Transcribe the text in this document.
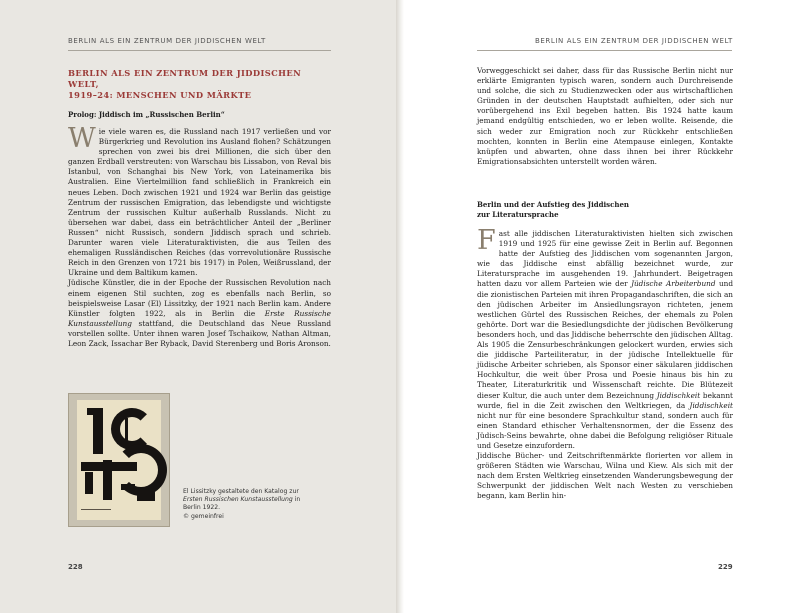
BERLIN ALS EIN ZENTRUM DER JIDDISCHEN WELT
BERLIN ALS EIN ZENTRUM DER JIDDISCHEN WELT,
1919–24: MENSCHEN UND MÄRKTE
Prolog: Jiddisch im „Russischen Berlin“

Wie viele waren es, die Russland nach 1917 verließen und vor Bürgerkrieg und Revolution ins Ausland flohen? Schätzungen sprechen von zwei bis drei Millionen, die sich über den ganzen Erdball verstreuten: von Warschau bis Lissabon, von Reval bis Istanbul, von Schanghai bis New York, von Lateinamerika bis Australien. Eine Viertelmillion fand schließlich in Frankreich ein neues Leben. Doch zwischen 1921 und 1924 war Berlin das geistige Zentrum der russischen Emigration, das lebendigste und wichtigste Zentrum der russischen Kultur außerhalb Russlands. Nicht zu übersehen war dabei, dass ein beträchtlicher Anteil der „Berliner Russen“ nicht Russisch, sondern Jiddisch sprach und schrieb. Darunter waren viele Literaturaktivisten, die aus Teilen des ehemaligen Russländischen Reiches (das vorrevolutionäre Russische Reich in den Grenzen von 1721 bis 1917) in Polen, Weißrussland, der Ukraine und dem Baltikum kamen.

Jüdische Künstler, die in der Epoche der Russischen Revolution nach einem eigenen Stil suchten, zog es ebenfalls nach Berlin, so beispielsweise Lasar (El) Lissitzky, der 1921 nach Berlin kam. Andere Künstler folgten 1922, als in Berlin die Erste Russische Kunstausstellung stattfand, die Deutschland das Neue Russland vorstellen sollte. Unter ihnen waren Josef Tschaikow, Nathan Altman, Leon Zack, Issachar Ber Ryback, David Sterenberg und Boris Aronson.

El Lissitzky gestaltete den Katalog zur
Ersten Russischen Kunstausstellung in
Berlin 1922.
© gemeinfrei
228
BERLIN ALS EIN ZENTRUM DER JIDDISCHEN WELT

Vorweggeschickt sei daher, dass für das Russische Berlin nicht nur erklärte Emigranten typisch waren, sondern auch Durchreisende und solche, die sich zu Studienzwecken oder aus wirtschaftlichen Gründen in der deutschen Hauptstadt aufhielten, oder sich nur vorübergehend ins Exil begeben hatten. Bis 1924 hatte kaum jemand endgültig entschieden, wo er leben wollte. Reisende, die sich weder zur Emigration noch zur Rückkehr entschließen mochten, konnten in Berlin eine Atempause einlegen, Kontakte knüpfen und abwarten, ohne dass ihnen bei ihrer Rückkehr Emigrationsabsichten unterstellt worden wären.

Berlin und der Aufstieg des Jiddischen
zur Literatursprache

Fast alle jiddischen Literaturaktivisten hielten sich zwischen 1919 und 1925 für eine gewisse Zeit in Berlin auf. Begonnen hatte der Aufstieg des Jiddischen vom sogenannten Jargon, wie das Jiddische einst abfällig bezeichnet wurde, zur Literatursprache im ausgehenden 19. Jahrhundert. Beigetragen hatten dazu vor allem Parteien wie der Jüdische Arbeiterbund und die zionistischen Parteien mit ihren Propagandaschriften, die sich an den jüdischen Arbeiter im Ansiedlungsrayon richteten, jenem westlichen Gürtel des Russischen Reiches, der ehemals zu Polen gehörte. Dort war die Besiedlungsdichte der jüdischen Bevölkerung besonders hoch, und das Jiddische beherrschte den jüdischen Alltag. Als 1905 die Zensurbeschränkungen gelockert wurden, erwies sich die jiddische Parteiliteratur, in der jüdische Intellektuelle für jüdische Arbeiter schrieben, als Sponsor einer säkularen jiddischen Hochkultur, die weit über Prosa und Poesie hinaus bis hin zu Theater, Literaturkritik und Wissenschaft reichte. Die Blütezeit dieser Kultur, die auch unter dem Bezeichnung Jiddischkeit bekannt wurde, fiel in die Zeit zwischen den Weltkriegen, da Jiddischkeit nicht nur für eine besondere Sprachkultur stand, sondern auch für einen Standard ethischer Verhaltensnormen, der die Essenz des Jüdisch-Seins bewahrte, ohne dabei die Befolgung religiöser Rituale und Gesetze einzufordern.

Jiddische Bücher- und Zeitschriftenmärkte florierten vor allem in größeren Städten wie Warschau, Wilna und Kiew. Als sich mit der nach dem Ersten Weltkrieg einsetzenden Wanderungsbewegung der Schwerpunkt der jiddischen Welt nach Westen zu verschieben begann, kam Berlin hin-

229
